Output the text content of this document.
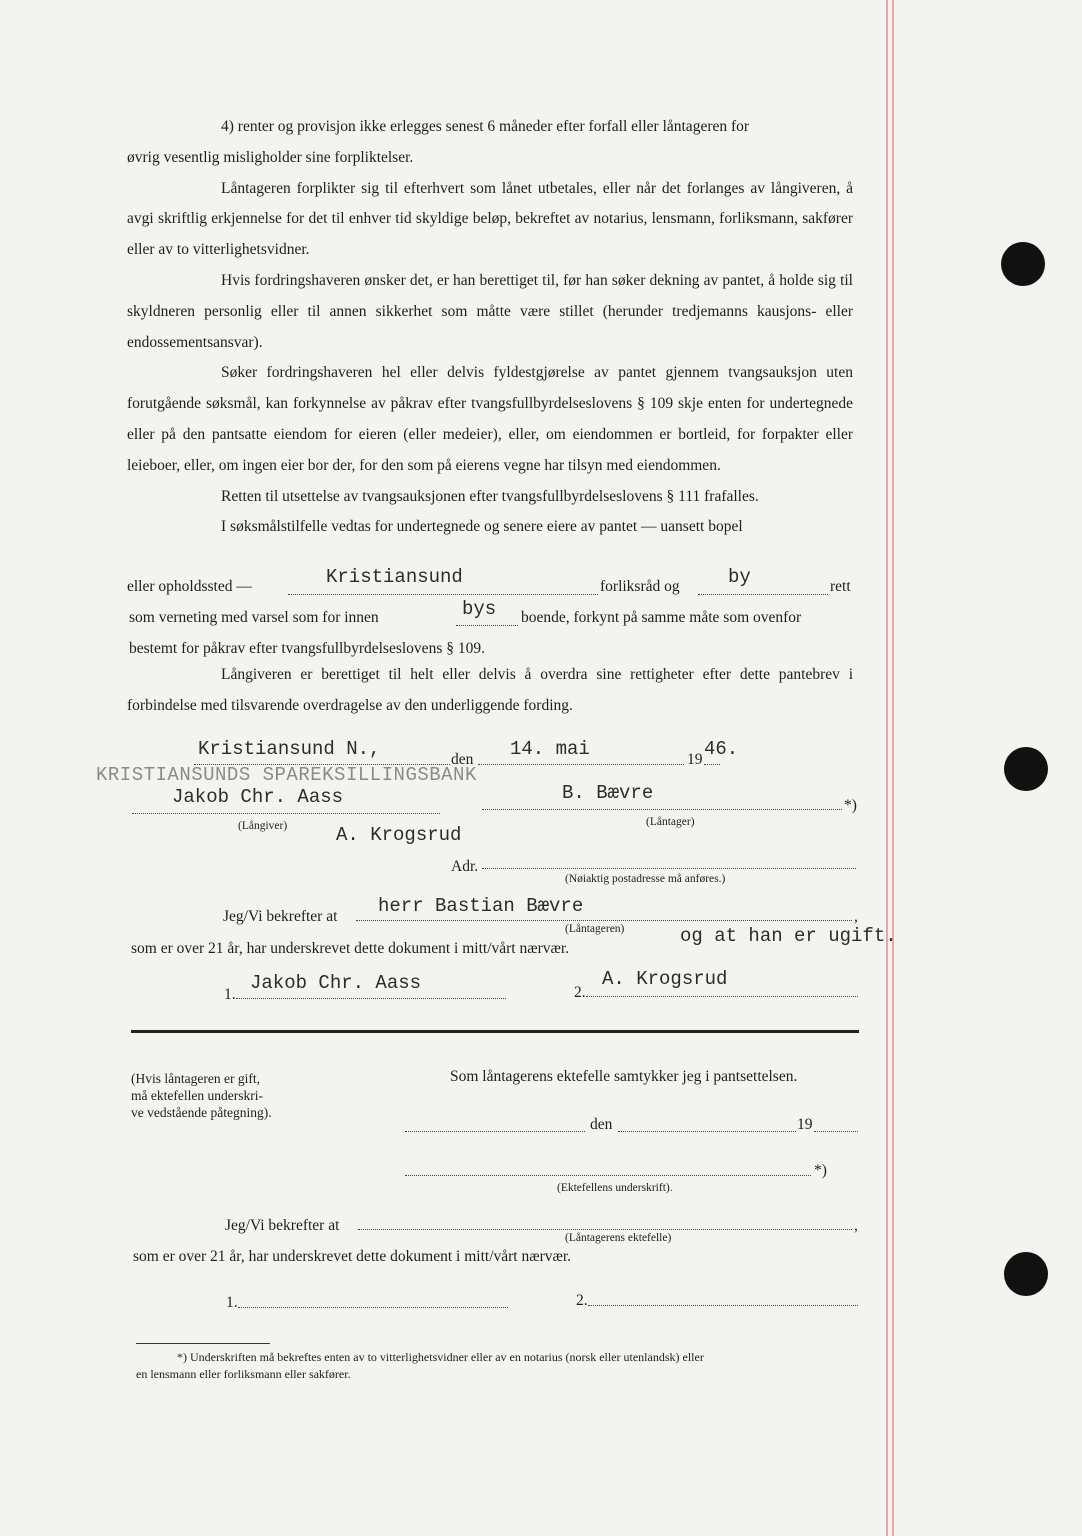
4) renter og provisjon ikke erlegges senest 6 måneder efter forfall eller låntageren for

øvrig vesentlig misligholder sine forpliktelser.

Låntageren forplikter sig til efterhvert som lånet utbetales, eller når det forlanges av långiveren, å avgi skriftlig erkjennelse for det til enhver tid skyldige beløp, bekreftet av notarius, lensmann, forliksmann, sakfører eller av to vitterlighetsvidner.

Hvis fordringshaveren ønsker det, er han berettiget til, før han søker dekning av pantet, å holde sig til skyldneren personlig eller til annen sikkerhet som måtte være stillet (herunder tredjemanns kausjons- eller endossementsansvar).

Søker fordringshaveren hel eller delvis fyldestgjørelse av pantet gjennem tvangsauksjon uten forutgående søksmål, kan forkynnelse av påkrav efter tvangsfullbyrdelseslovens § 109 skje enten for undertegnede eller på den pantsatte eiendom for eieren (eller medeier), eller, om eiendommen er bortleid, for forpakter eller leieboer, eller, om ingen eier bor der, for den som på eierens vegne har tilsyn med eiendommen.

Retten til utsettelse av tvangsauksjonen efter tvangsfullbyrdelseslovens § 111 frafalles.

I søksmålstilfelle vedtas for undertegnede og senere eiere av pantet — uansett bopel

eller opholdssted —	Kristiansund	forliksråd og	by	rett
som verneting med varsel som for innen	bys boende, forkynt på samme måte som ovenfor
bestemt for påkrav efter tvangsfullbyrdelseslovens § 109.

Långiveren er berettiget til helt eller delvis å overdra sine rettigheter efter dette pantebrev i forbindelse med tilsvarende overdragelse av den underliggende fording.

Kristiansund N.,	den 14. mai	19 46.
KRISTIANSUNDS SPAREKSILLINGSBANK
Jakob Chr. Aass
(Långiver)
B. Bævre
*)
(Låntager)
A. Krogsrud
Adr.
(Nøiaktig postadresse må anføres.)
Jeg/Vi bekrefter at herr Bastian Bævre	,
(Låntageren)
som er over 21 år, har underskrevet dette dokument i mitt/vårt nærvær.
og at han er ugift.
1.
Jakob Chr. Aass	2.
A. Krogsrud
(Hvis låntageren er gift,
må ektefellen underskri-
ve vedstående påtegning).
Som låntagerens ektefelle samtykker jeg i pantsettelsen.
den	19
*)
(Ektefellens underskrift).
Jeg/Vi bekrefter at	,
(Låntagerens ektefelle)
som er over 21 år, har underskrevet dette dokument i mitt/vårt nærvær.
1.	2.
*) Underskriften må bekreftes enten av to vitterlighetsvidner eller av en notarius (norsk eller utenlandsk) eller
en lensmann eller forliksmann eller sakfører.
